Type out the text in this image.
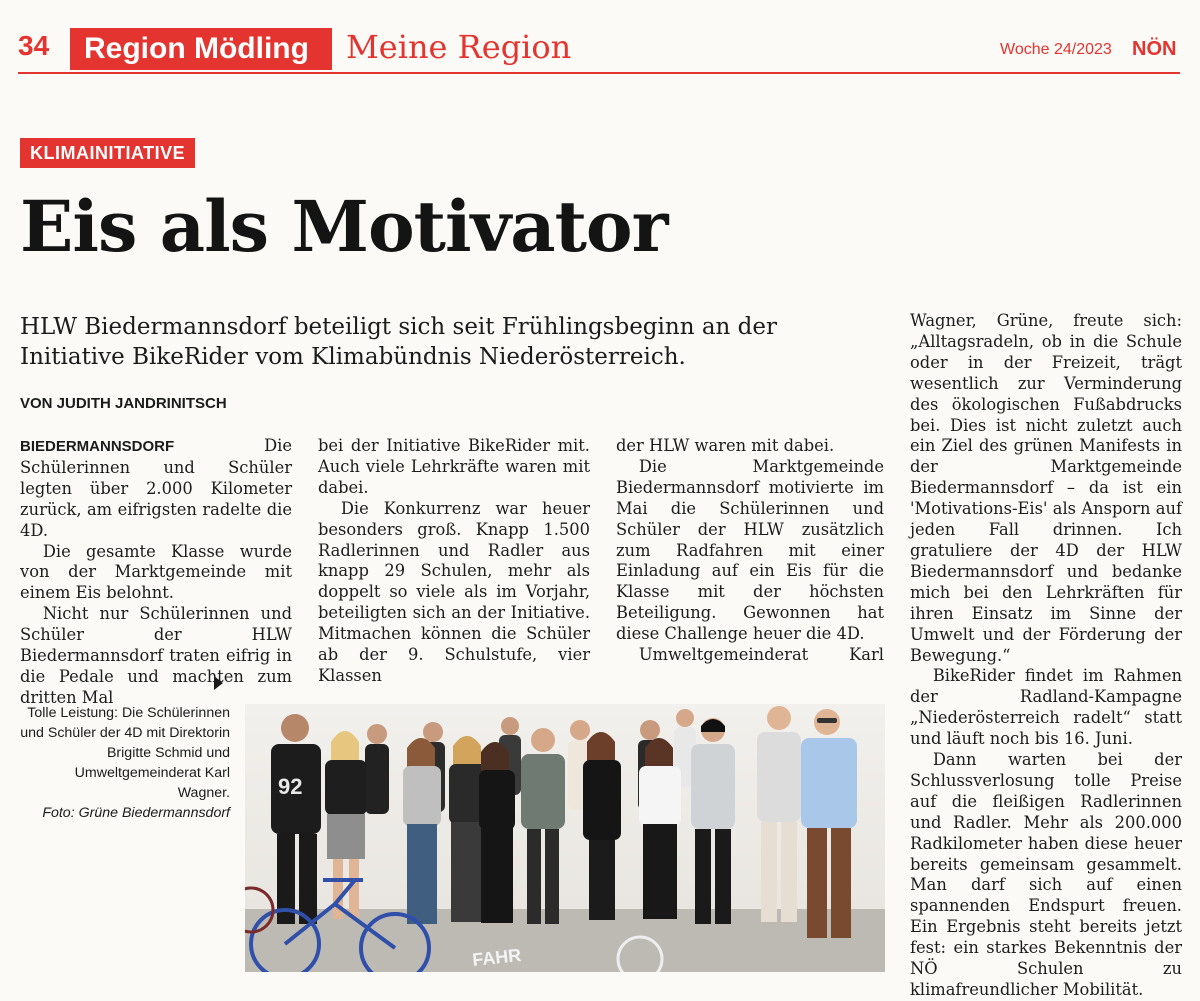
34	Region Mödling	Meine Region	Woche 24/2023 NÖN
KLIMAINITIATIVE
Eis als Motivator
HLW Biedermannsdorf beteiligt sich seit Frühlingsbeginn an der Initiative BikeRider vom Klimabündnis Niederösterreich.
VON JUDITH JANDRINITSCH

BIEDERMANNSDORF	Die Schülerinnen und Schüler legten über 2.000 Kilometer zurück, am eifrigsten radelte die 4D.

Die gesamte Klasse wurde von der Marktgemeinde mit einem Eis belohnt.

Nicht nur Schülerinnen und Schüler der HLW Biedermannsdorf traten eifrig in die Pedale und machten zum dritten Mal

bei der Initiative BikeRider mit. Auch viele Lehrkräfte waren mit dabei.

Die Konkurrenz war heuer besonders groß. Knapp 1.500 Radlerinnen und Radler aus knapp 29 Schulen, mehr als doppelt so viele als im Vorjahr, beteiligten sich an der Initiative. Mitmachen können die Schüler ab der 9. Schulstufe, vier Klassen

der HLW waren mit dabei.

Die Marktgemeinde Biedermannsdorf motivierte im Mai die Schülerinnen und Schüler der HLW zusätzlich zum Radfahren mit einer Einladung auf ein Eis für die Klasse mit der höchsten Beteiligung. Gewonnen hat diese Challenge heuer die 4D.

Umweltgemeinderat Karl

Wagner, Grüne, freute sich: „Alltagsradeln, ob in die Schule oder in der Freizeit, trägt wesentlich zur Verminderung des ökologischen Fußabdrucks bei. Dies ist nicht zuletzt auch ein Ziel des grünen Manifests in der Marktgemeinde Biedermannsdorf – da ist ein 'Motivations-Eis' als Ansporn auf jeden Fall drinnen. Ich gratuliere der 4D der HLW Biedermannsdorf und bedanke mich bei den Lehrkräften für ihren Einsatz im Sinne der Umwelt und der Förderung der Bewegung.“

BikeRider findet im Rahmen der Radland-Kampagne „Niederösterreich radelt“ statt und läuft noch bis 16. Juni.

Dann warten bei der Schlussverlosung tolle Preise auf die fleißigen Radlerinnen und Radler. Mehr als 200.000 Radkilometer haben diese heuer bereits gemeinsam gesammelt. Man darf sich auf einen spannenden Endspurt freuen. Ein Ergebnis steht bereits jetzt fest: ein starkes Bekenntnis der NÖ Schulen zu klimafreundlicher Mobilität.

Tolle Leistung: Die Schülerinnen und Schüler der 4D mit Direktorin Brigitte Schmid und Umweltgemeinderat Karl Wagner.
Foto: Grüne Biedermannsdorf
FAHR
92
